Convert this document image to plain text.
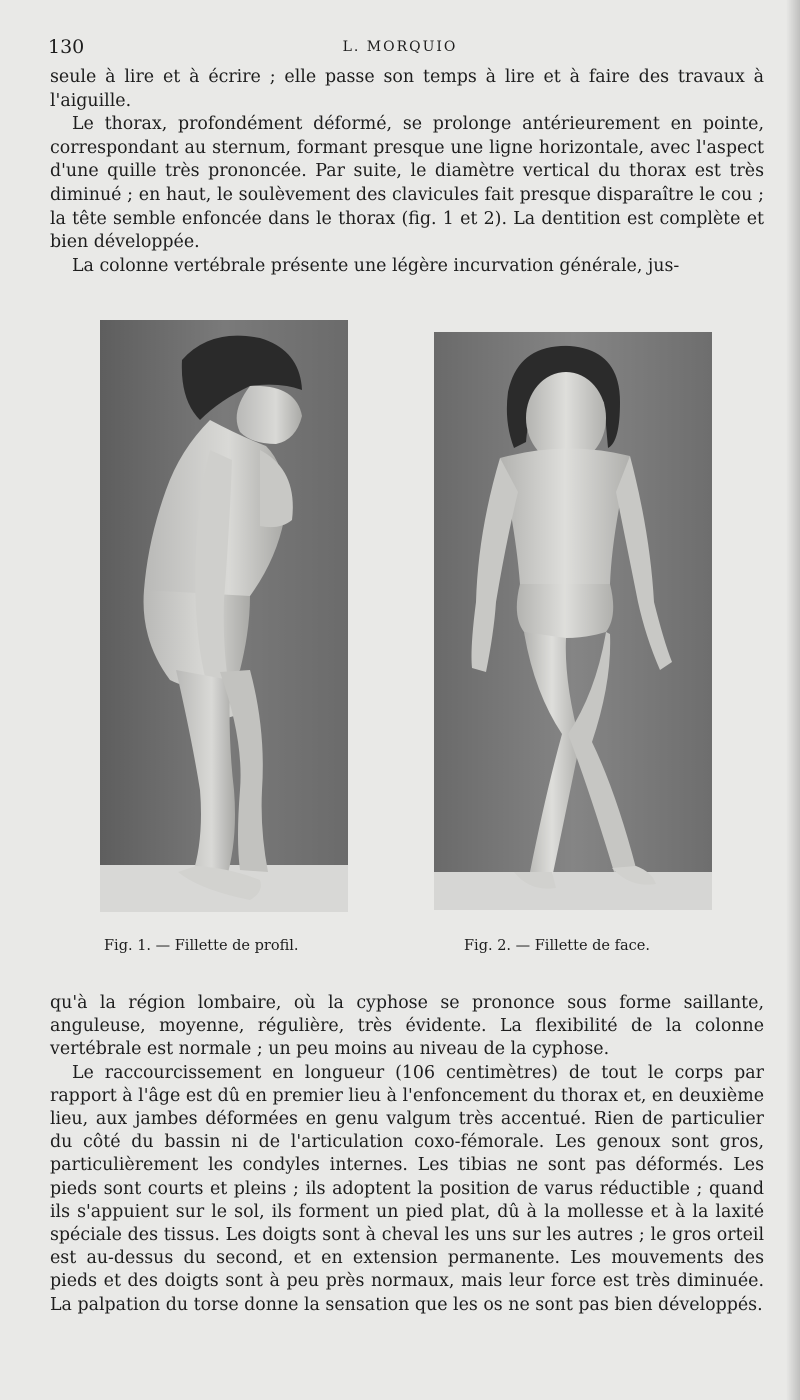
130	L. MORQUIO

seule à lire et à écrire ; elle passe son temps à lire et à faire des travaux à l'aiguille.

Le thorax, profondément déformé, se prolonge antérieurement en pointe, correspondant au sternum, formant presque une ligne horizontale, avec l'aspect d'une quille très prononcée. Par suite, le diamètre vertical du thorax est très diminué ; en haut, le soulèvement des clavicules fait presque disparaître le cou ; la tête semble enfoncée dans le thorax (fig. 1 et 2). La dentition est complète et bien développée.

La colonne vertébrale présente une légère incurvation générale, jus-

Fig. 1. — Fillette de profil.	Fig. 2. — Fillette de face.

qu'à la région lombaire, où la cyphose se prononce sous forme saillante, anguleuse, moyenne, régulière, très évidente. La flexibilité de la colonne vertébrale est normale ; un peu moins au niveau de la cyphose.

Le raccourcissement en longueur (106 centimètres) de tout le corps par rapport à l'âge est dû en premier lieu à l'enfoncement du thorax et, en deuxième lieu, aux jambes déformées en genu valgum très accentué. Rien de particulier du côté du bassin ni de l'articulation coxo-fémorale. Les genoux sont gros, particulièrement les condyles internes. Les tibias ne sont pas déformés. Les pieds sont courts et pleins ; ils adoptent la position de varus réductible ; quand ils s'appuient sur le sol, ils forment un pied plat, dû à la mollesse et à la laxité spéciale des tissus. Les doigts sont à cheval les uns sur les autres ; le gros orteil est au-dessus du second, et en extension permanente. Les mouvements des pieds et des doigts sont à peu près normaux, mais leur force est très diminuée. La palpation du torse donne la sensation que les os ne sont pas bien développés.
